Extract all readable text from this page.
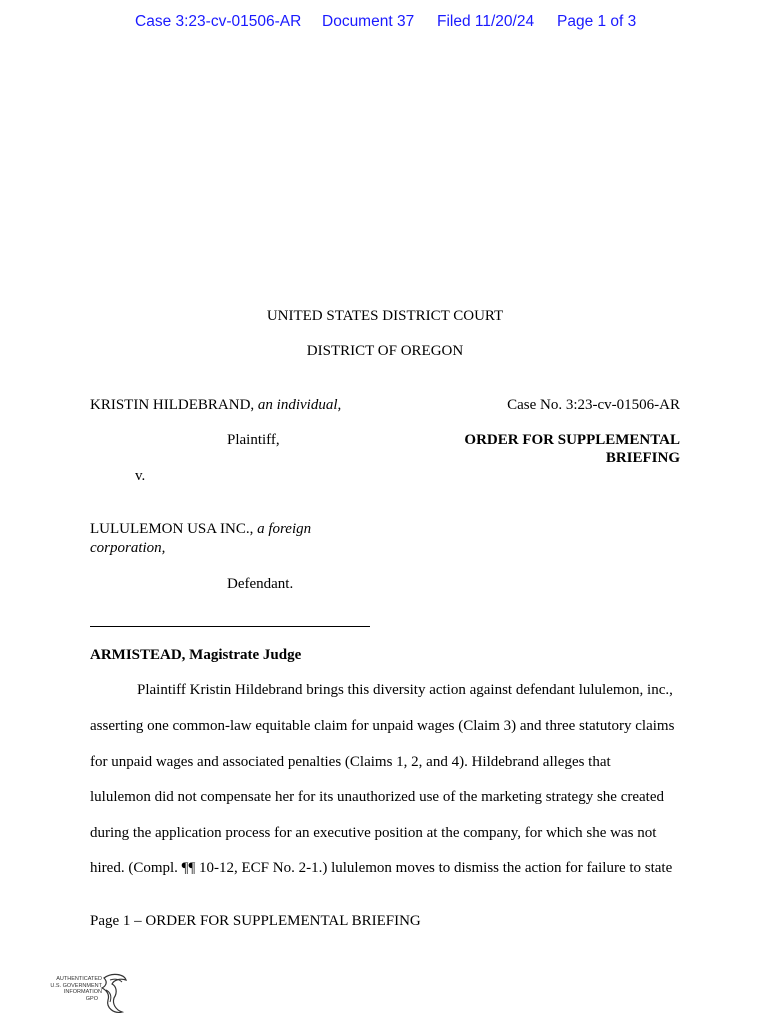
Case 3:23-cv-01506-AR Document 37 Filed 11/20/24 Page 1 of 3
UNITED STATES DISTRICT COURT
DISTRICT OF OREGON
KRISTIN HILDEBRAND, an individual,
Plaintiff,
v.
LULULEMON USA INC., a foreign
corporation,
Defendant.
Case No. 3:23-cv-01506-AR
ORDER FOR SUPPLEMENTAL
BRIEFING
ARMISTEAD, Magistrate Judge
Plaintiff Kristin Hildebrand brings this diversity action against defendant lululemon, inc.,
asserting one common-law equitable claim for unpaid wages (Claim 3) and three statutory claims
for unpaid wages and associated penalties (Claims 1, 2, and 4). Hildebrand alleges that
lululemon did not compensate her for its unauthorized use of the marketing strategy she created
during the application process for an executive position at the company, for which she was not
hired. (Compl. ¶¶ 10-12, ECF No. 2-1.) lululemon moves to dismiss the action for failure to state
Page 1 – ORDER FOR SUPPLEMENTAL BRIEFING
AUTHENTICATED
U.S. GOVERNMENT
INFORMATION
GPO
